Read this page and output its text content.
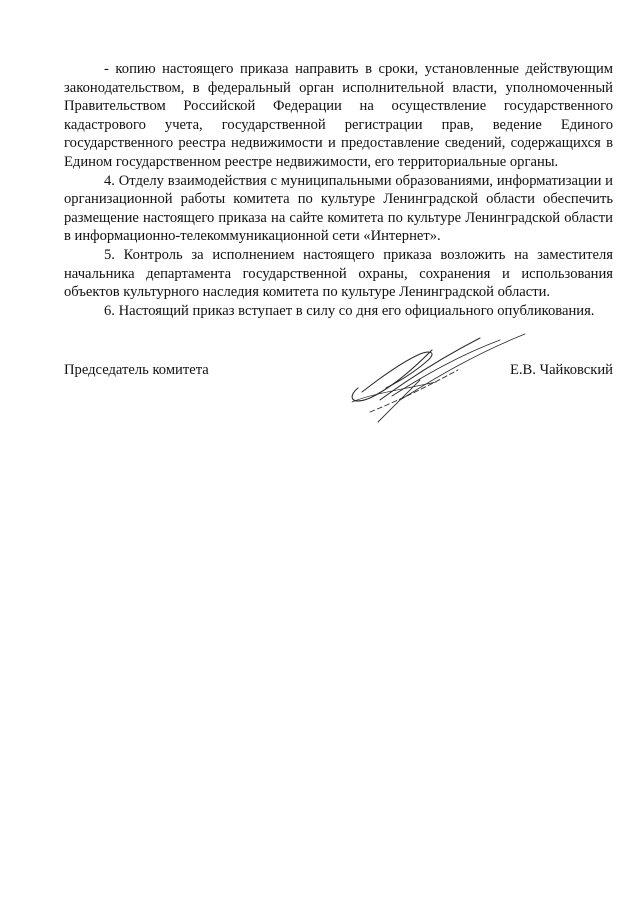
- копию настоящего приказа направить в сроки, установленные действующим законодательством, в федеральный орган исполнительной власти, уполномоченный Правительством Российской Федерации на осуществление государственного кадастрового учета, государственной регистрации прав, ведение Единого государственного реестра недвижимости и предоставление сведений, содержащихся в Едином государственном реестре недвижимости, его территориальные органы.

4. Отделу взаимодействия с муниципальными образованиями, информатизации и организационной работы комитета по культуре Ленинградской области обеспечить размещение настоящего приказа на сайте комитета по культуре Ленинградской области в информационно-телекоммуникационной сети «Интернет».

5. Контроль за исполнением настоящего приказа возложить на заместителя начальника департамента государственной охраны, сохранения и использования объектов культурного наследия комитета по культуре Ленинградской области.

6. Настоящий приказ вступает в силу со дня его официального опубликования.

Председатель комитета	Е.В. Чайковский
